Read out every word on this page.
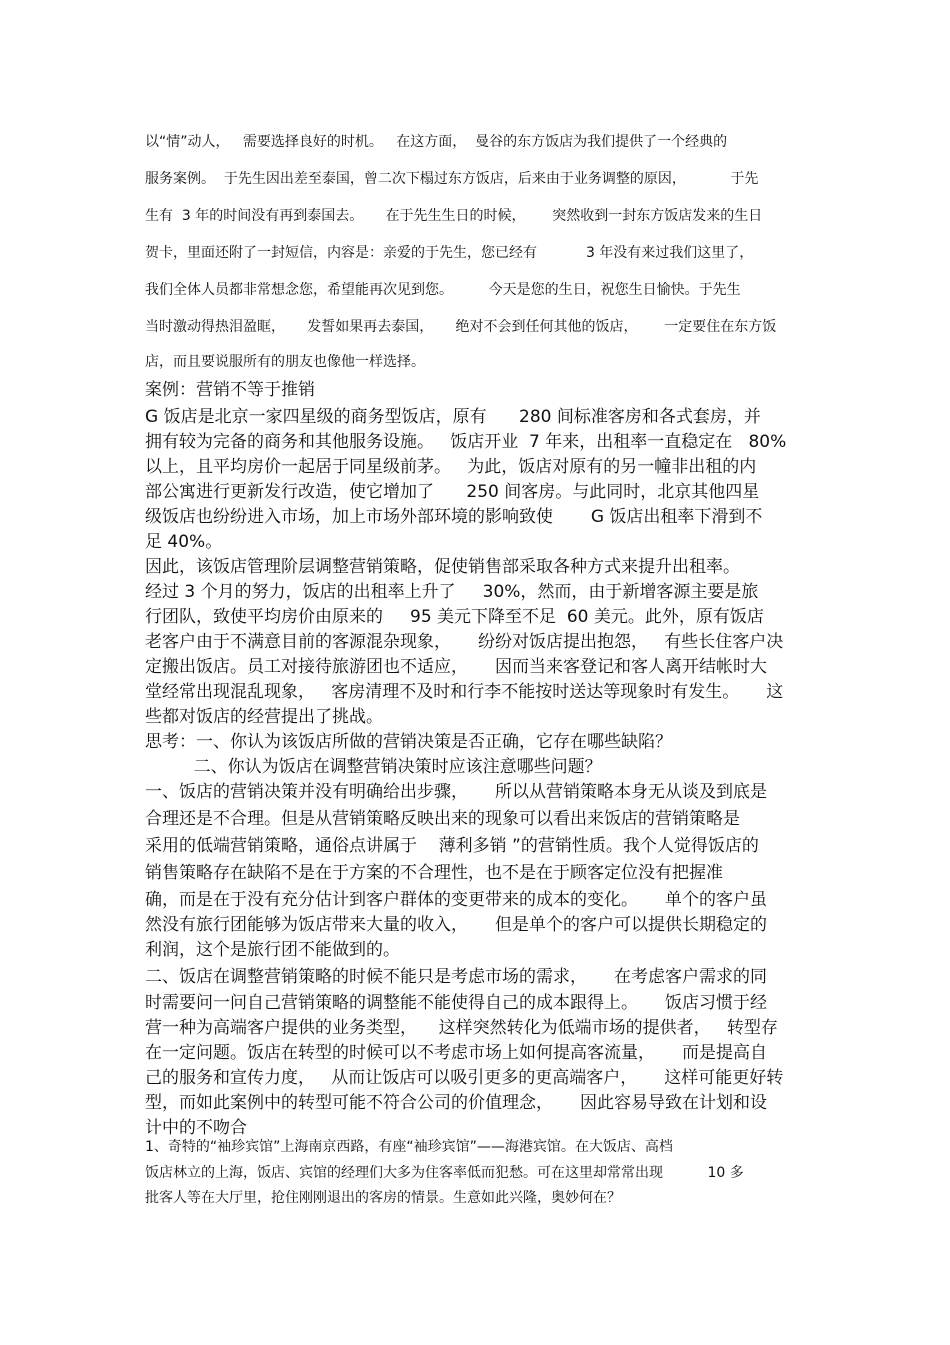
以“情”动人，   需要选择良好的时机。   在这方面，  曼谷的东方饭店为我们提供了一个经典的
服务案例。  于先生因出差至泰国，曾二次下榻过东方饭店，后来由于业务调整的原因，          于先
生有  3 年的时间没有再到泰国去。     在于先生生日的时候，      突然收到一封东方饭店发来的生日
贺卡，里面还附了一封短信，内容是：亲爱的于先生，您已经有           3 年没有来过我们这里了，
我们全体人员都非常想念您，希望能再次见到您。        今天是您的生日，祝您生日愉快。于先生
当时激动得热泪盈眶，     发誓如果再去泰国，     绝对不会到任何其他的饭店，      一定要住在东方饭
店，而且要说服所有的朋友也像他一样选择。
案例：营销不等于推销
G 饭店是北京一家四星级的商务型饭店，原有      280 间标准客房和各式套房，并
拥有较为完备的商务和其他服务设施。   饭店开业  7 年来，出租率一直稳定在   80%
以上，且平均房价一起居于同星级前茅。   为此，饭店对原有的另一幢非出租的内
部公寓进行更新发行改造，使它增加了      250 间客房。与此同时，北京其他四星
级饭店也纷纷进入市场，加上市场外部环境的影响致使       G 饭店出租率下滑到不
足 40%。
因此，该饭店管理阶层调整营销策略，促使销售部采取各种方式来提升出租率。
经过 3 个月的努力，饭店的出租率上升了     30%，然而，由于新增客源主要是旅
行团队，致使平均房价由原来的     95 美元下降至不足  60 美元。此外，原有饭店
老客户由于不满意目前的客源混杂现象，     纷纷对饭店提出抱怨，   有些长住客户决
定搬出饭店。员工对接待旅游团也不适应，     因而当来客登记和客人离开结帐时大
堂经常出现混乱现象，   客房清理不及时和行李不能按时送达等现象时有发生。     这
些都对饭店的经营提出了挑战。
思考：一、你认为该饭店所做的营销决策是否正确，它存在哪些缺陷？
二、你认为饭店在调整营销决策时应该注意哪些问题？
一、饭店的营销决策并没有明确给出步骤，     所以从营销策略本身无从谈及到底是
合理还是不合理。但是从营销策略反映出来的现象可以看出来饭店的营销策略是
采用的低端营销策略，通俗点讲属于    薄利多销 ”的营销性质。我个人觉得饭店的
销售策略存在缺陷不是在于方案的不合理性，也不是在于顾客定位没有把握准
确，而是在于没有充分估计到客户群体的变更带来的成本的变化。     单个的客户虽
然没有旅行团能够为饭店带来大量的收入，     但是单个的客户可以提供长期稳定的
利润，这个是旅行团不能做到的。
二、饭店在调整营销策略的时候不能只是考虑市场的需求，     在考虑客户需求的同
时需要问一问自己营销策略的调整能不能使得自己的成本跟得上。     饭店习惯于经
营一种为高端客户提供的业务类型，    这样突然转化为低端市场的提供者，   转型存
在一定问题。饭店在转型的时候可以不考虑市场上如何提高客流量，     而是提高自
己的服务和宣传力度，   从而让饭店可以吸引更多的更高端客户，     这样可能更好转
型，而如此案例中的转型可能不符合公司的价值理念，     因此容易导致在计划和设
计中的不吻合
1、奇特的“袖珍宾馆”上海南京西路，有座“袖珍宾馆”——海港宾馆。在大饭店、高档
饭店林立的上海，饭店、宾馆的经理们大多为住客率低而犯愁。可在这里却常常出现          10 多
批客人等在大厅里，抢住刚刚退出的客房的情景。生意如此兴隆，奥妙何在？
